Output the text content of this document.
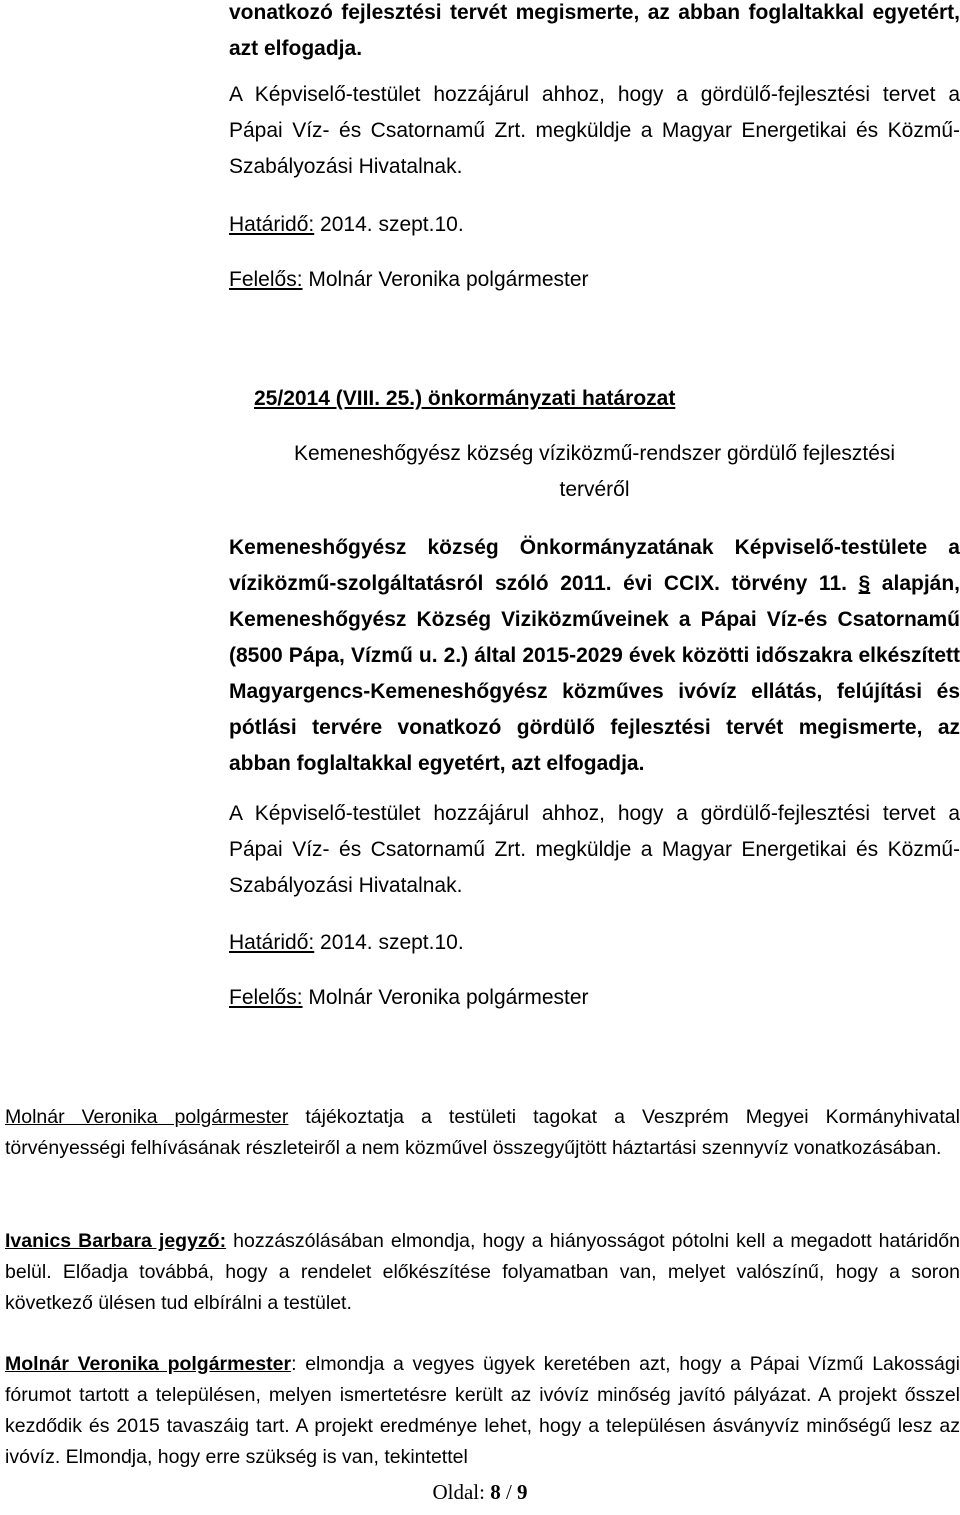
vonatkozó fejlesztési tervét megismerte, az abban foglaltakkal egyetért, azt elfogadja.

A Képviselő-testület hozzájárul ahhoz, hogy a gördülő-fejlesztési tervet a Pápai Víz- és Csatornamű Zrt. megküldje a Magyar Energetikai és Közmű- Szabályozási Hivatalnak.

Határidő: 2014. szept.10.

Felelős: Molnár Veronika polgármester

25/2014 (VIII. 25.) önkormányzati határozat

Kemeneshőgyész község víziközmű-rendszer gördülő fejlesztési

tervéről

Kemeneshőgyész község Önkormányzatának Képviselő-testülete a víziközmű-szolgáltatásról szóló 2011. évi CCIX. törvény 11. § alapján, Kemeneshőgyész Község Viziközműveinek a Pápai Víz-és Csatornamű (8500 Pápa, Vízmű u. 2.) által 2015-2029 évek közötti időszakra elkészített Magyargencs-Kemeneshőgyész közműves ivóvíz ellátás, felújítási és pótlási tervére vonatkozó gördülő fejlesztési tervét megismerte, az abban foglaltakkal egyetért, azt elfogadja.

A Képviselő-testület hozzájárul ahhoz, hogy a gördülő-fejlesztési tervet a Pápai Víz- és Csatornamű Zrt. megküldje a Magyar Energetikai és Közmű- Szabályozási Hivatalnak.

Határidő: 2014. szept.10.

Felelős: Molnár Veronika polgármester

Molnár Veronika polgármester tájékoztatja a testületi tagokat a Veszprém Megyei Kormányhivatal törvényességi felhívásának részleteiről a nem közművel összegyűjtött háztartási szennyvíz vonatkozásában.

Ivanics Barbara jegyző: hozzászólásában elmondja, hogy a hiányosságot pótolni kell a megadott határidőn belül. Előadja továbbá, hogy a rendelet előkészítése folyamatban van, melyet valószínű, hogy a soron következő ülésen tud elbírálni a testület.

Molnár Veronika polgármester: elmondja a vegyes ügyek keretében azt, hogy a Pápai Vízmű Lakossági fórumot tartott a településen, melyen ismertetésre került az ivóvíz minőség javító pályázat. A projekt ősszel kezdődik és 2015 tavaszáig tart. A projekt eredménye lehet, hogy a településen ásványvíz minőségű lesz az ivóvíz. Elmondja, hogy erre szükség is van, tekintettel

Oldal: 8 / 9
